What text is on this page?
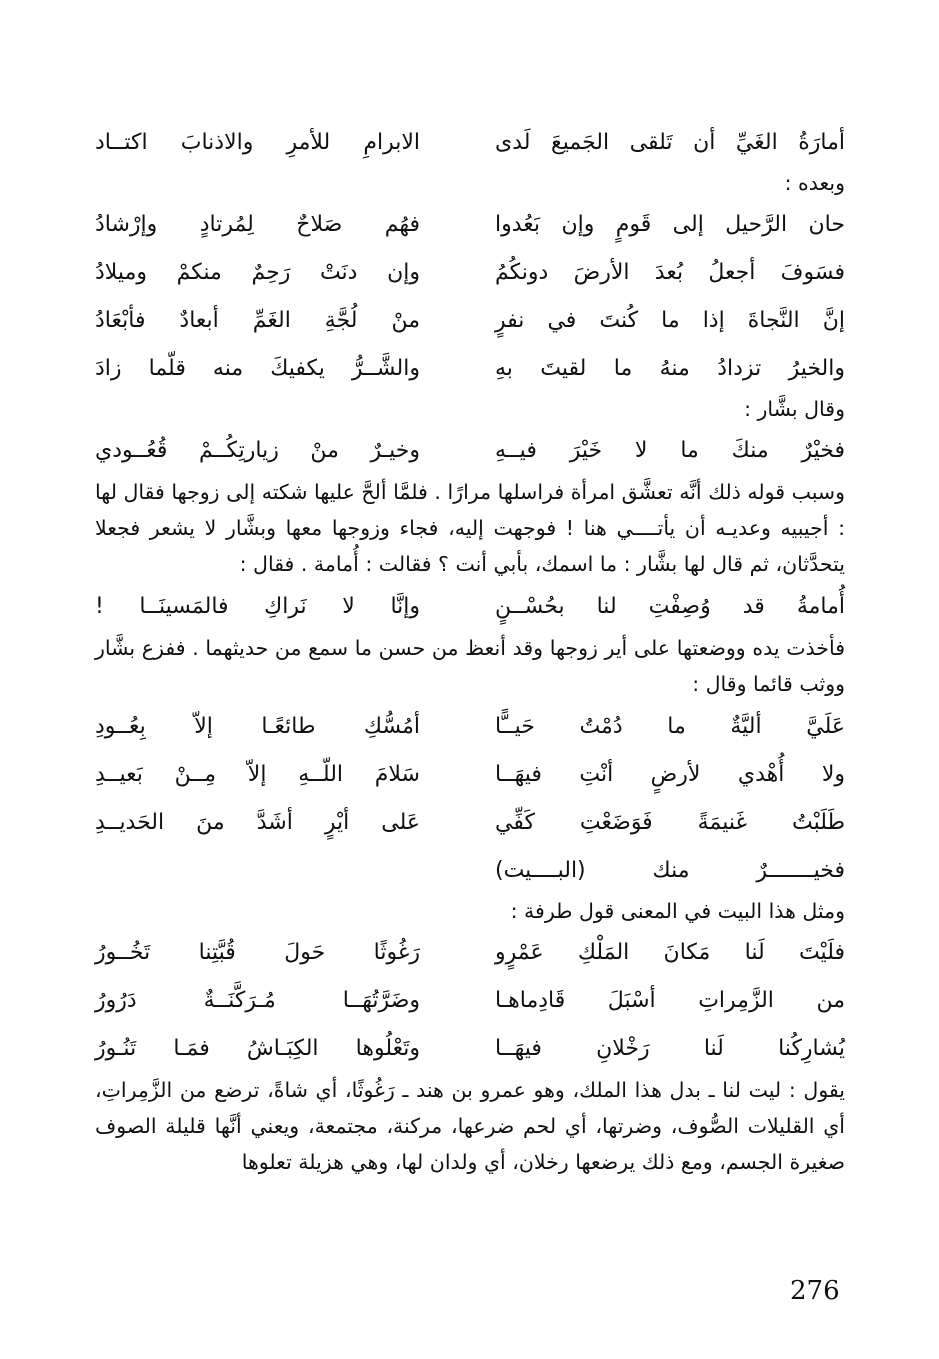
أمارَةُ الغَيِّ أن تَلقى الجَميعَ لَدى
الابرامِ للأمرِ والاذنابَ اكتــاد

وبعده :

حان الرَّحيل إلى قَومٍ وإن بَعُدوا
فهُم صَلاحٌ لِمُرتادٍ وإرْشادُ
فسَوفَ أجعلُ بُعدَ الأرضَ دونكُمُ
وإن دنَتْ رَحِمٌ منكمْ وميلادُ
إنَّ النَّجاةَ إذا ما كُنتَ في نفرٍ
منْ لُجَّةِ الغَمِّ أبعادٌ فأبْعَادُ
والخيرُ تزدادُ منهُ ما لقيتَ بهِ
والشَّــرُّ يكفيكَ منه قلّما زادَ

وقال بشَّار :

فخيْرٌ منكَ ما لا خَيْرَ فيــهِ
وخيـرٌ منْ زيارتِكُــمْ قُعُــودي

وسبب قوله ذلك أنَّه تعشَّق امرأة فراسلها مرارًا . فلمَّا ألحَّ عليها شكته إلى زوجها فقال لها : أجيبيه وعديـه أن يأتــــي هنا ! فوجهت إليه، فجاء وزوجها معها وبشَّار لا يشعر فجعلا يتحدَّثان، ثم قال لها بشَّار : ما اسمك، بأبي أنت ؟ فقالت : أُمامة . فقال :

أُمامةُ قد وُصِفْتِ لنا بحُسْــنٍ
وإنَّا لا نَراكِ فالمَسينَــا !

فأخذت يده ووضعتها على أير زوجها وقد أنعظ من حسن ما سمع من حديثهما . ففزع بشَّار ووثب قائما وقال :

عَلَيَّ أليَّةٌ ما دُمْتُ حَيــًّا
أمُسُّكِ طائعًـا إلاّ بِعُــودِ
ولا أُهْدي لأرضٍ أنْتِ فيهَــا
سَلامَ اللّــهِ إلاّ مِــنْ بَعيــدِ
طَلَبْتُ غَنيمَةً فَوَضَعْتِ كَفِّي
عَلى أيْرٍ أشَدَّ منَ الحَديــدِ
فخيـــــــرٌ منك (البــــيت)

ومثل هذا البيت في المعنى قول طرفة :

فلَيْتَ لَنا مَكانَ المَلْكِ عَمْرٍو
رَغُوثًا حَولَ قُبَّتِنا تَخُــورُ
من الزَّمِراتِ أسْبَلَ قَادِماهـا
وضَرَّتُهَــا مُـرَكَّنَــةٌ دَرُورُ
يُشارِكُنا لَنا رَخْلانِ فيهَــا
وتَعْلُوها الكِبَـاشُ فمَـا تَنُـورُ

يقول : ليت لنا ـ بدل هذا الملك، وهو عمرو بن هند ـ رَغُوثًا، أي شاةً، ترضع من الزَّمِراتِ، أي القليلات الصُّوف، وضرتها، أي لحم ضرعها، مركنة، مجتمعة، ويعني أنَّها قليلة الصوف صغيرة الجسم، ومع ذلك يرضعها رخلان، أي ولدان لها، وهي هزيلة تعلوها

276
